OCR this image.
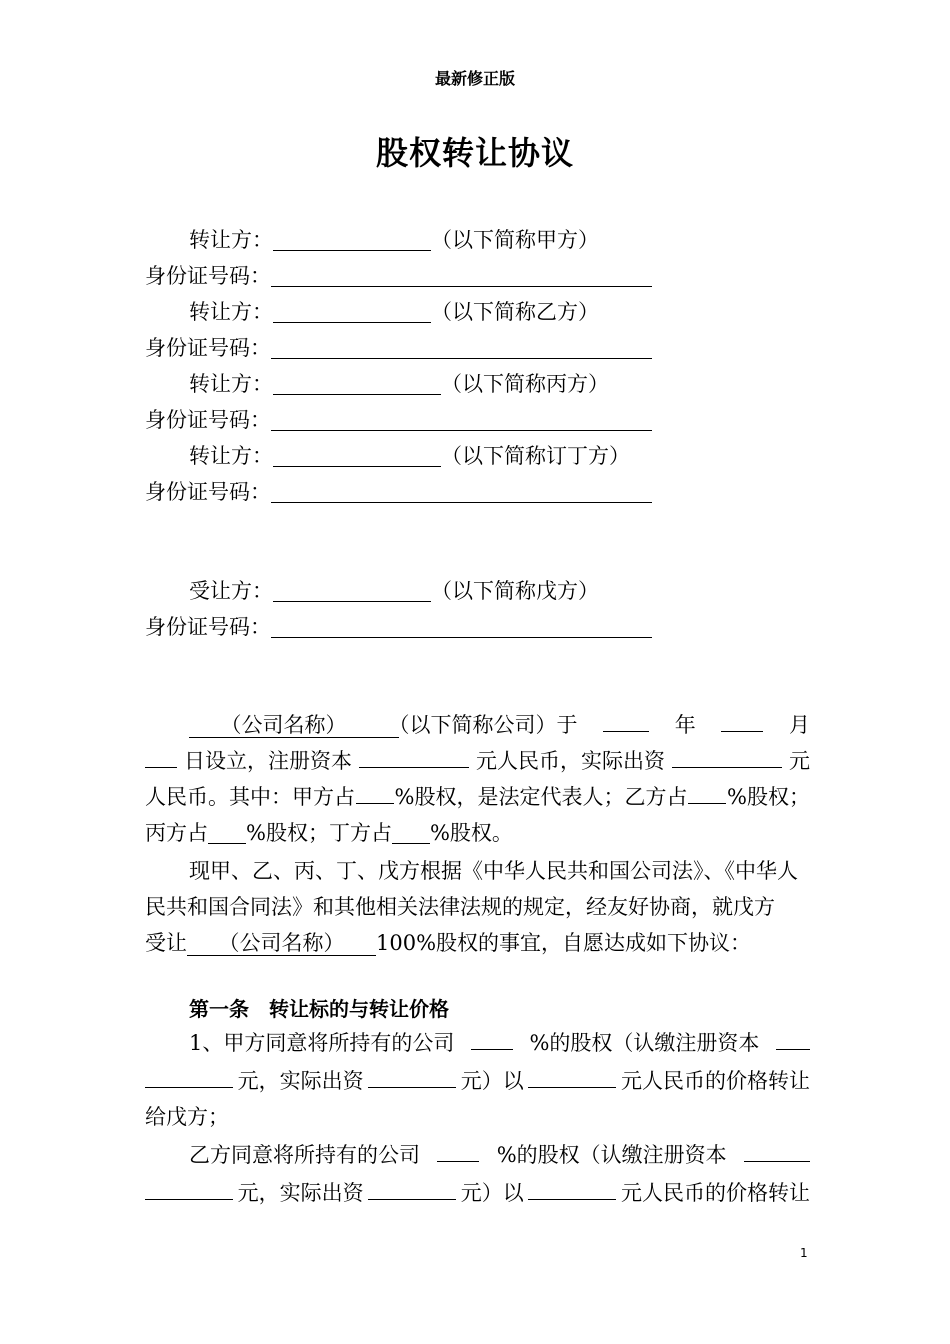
最新修正版
股权转让协议
转让方：	（以下简称甲方）
身份证号码：
转让方：	（以下简称乙方）
身份证号码：
转让方：	（以下简称丙方）
身份证号码：
转让方：	（以下简称订丁方）
身份证号码：
受让方：	（以下简称戊方）
身份证号码：
　　（公司名称）　　　	（以下简称公司）于	年	月
日设立，注册资本	元人民币，实际出资	元
人民币。其中：甲方占 %股权，是法定代表人；乙方占 %股权；
丙方占 %股权；丁方占 %股权。
现甲、乙、丙、丁、戊方根据《中华人民共和国公司法》、《中华人
民共和国合同法》和其他相关法律法规的规定，经友好协商，就戊方
受让　　 （公司名称）　　 100%股权的事宜，自愿达成如下协议：
第一条　转让标的与转让价格
1、甲方同意将所持有的公司	%的股权（认缴注册资本
元，实际出资	元）以	元人民币的价格转让
给戊方；
乙方同意将所持有的公司	%的股权（认缴注册资本
元，实际出资	元）以	元人民币的价格转让
1
